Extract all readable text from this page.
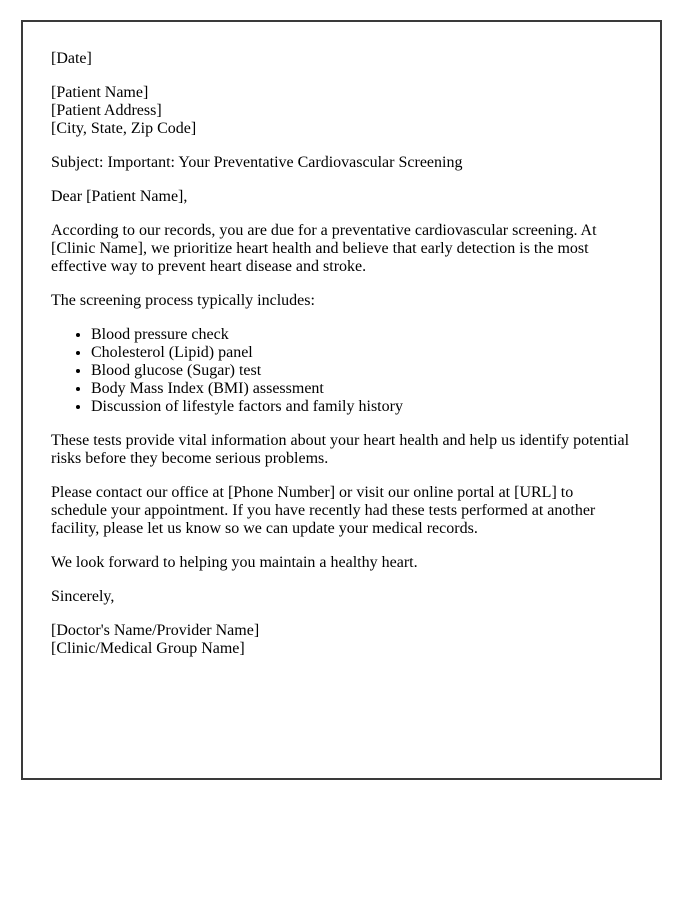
[Date]

[Patient Name]
[Patient Address]
[City, State, Zip Code]

Subject: Important: Your Preventative Cardiovascular Screening

Dear [Patient Name],

According to our records, you are due for a preventative cardiovascular screening. At [Clinic Name], we prioritize heart health and believe that early detection is the most effective way to prevent heart disease and stroke.

The screening process typically includes:

• Blood pressure check
• Cholesterol (Lipid) panel
• Blood glucose (Sugar) test
• Body Mass Index (BMI) assessment
• Discussion of lifestyle factors and family history

These tests provide vital information about your heart health and help us identify potential risks before they become serious problems.

Please contact our office at [Phone Number] or visit our online portal at [URL] to schedule your appointment. If you have recently had these tests performed at another facility, please let us know so we can update your medical records.

We look forward to helping you maintain a healthy heart.

Sincerely,

[Doctor's Name/Provider Name]
[Clinic/Medical Group Name]
